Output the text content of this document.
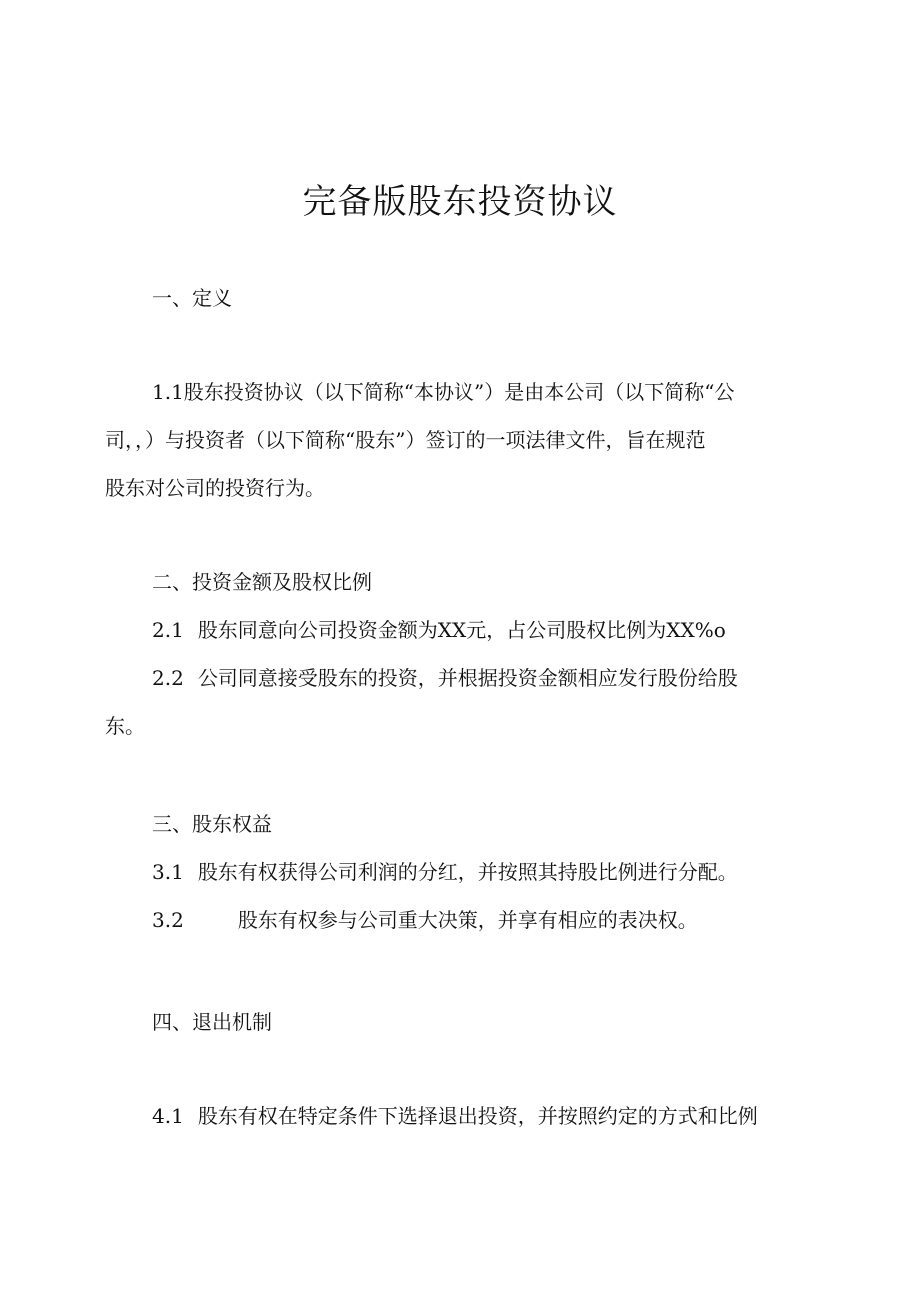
完备版股东投资协议

一、定义

1.1股东投资协议（以下简称“本协议”）是由本公司（以下简称“公

司，，）与投资者（以下简称“股东”）签订的一项法律文件，旨在规范

股东对公司的投资行为。

二、投资金额及股权比例

2.1 股东同意向公司投资金额为XX元，占公司股权比例为XX%o

2.2 公司同意接受股东的投资，并根据投资金额相应发行股份给股

东。

三、股东权益

3.1 股东有权获得公司利润的分红，并按照其持股比例进行分配。

3.2	股东有权参与公司重大决策，并享有相应的表决权。

四、退出机制

4.1 股东有权在特定条件下选择退出投资，并按照约定的方式和比例
